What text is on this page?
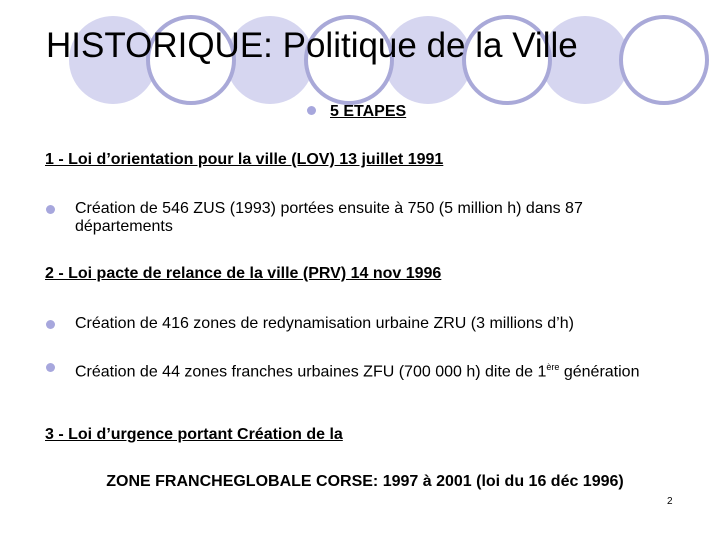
HISTORIQUE: Politique de la Ville
5 ETAPES
1 - Loi d’orientation pour la ville (LOV) 13 juillet 1991
Création de 546 ZUS (1993) portées ensuite à 750 (5 million h) dans 87 départements
2 - Loi pacte de relance de la ville (PRV) 14 nov 1996
Création de 416 zones de redynamisation urbaine ZRU (3 millions d’h)
Création de 44 zones franches urbaines ZFU (700 000 h) dite de 1ère génération
3 - Loi d’urgence portant Création de la
ZONE FRANCHEGLOBALE CORSE: 1997 à 2001 (loi du 16 déc 1996)
2
